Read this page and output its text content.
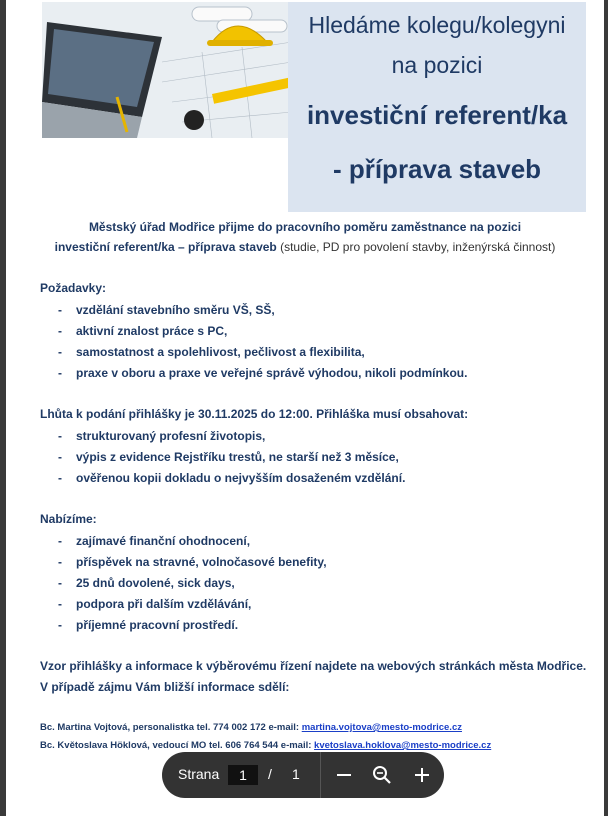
Hledáme kolegu/kolegyni
na pozici
investiční referent/ka
- příprava staveb
Městský úřad Modřice přijme do pracovního poměru zaměstnance na pozici
investiční referent/ka – příprava staveb (studie, PD pro povolení stavby, inženýrská činnost)
Požadavky:
- vzdělání stavebního směru VŠ, SŠ,
- aktivní znalost práce s PC,
- samostatnost a spolehlivost, pečlivost a flexibilita,
- praxe v oboru a praxe ve veřejné správě výhodou, nikoli podmínkou.
Lhůta k podání přihlášky je 30.11.2025 do 12:00. Přihláška musí obsahovat:
- strukturovaný profesní životopis,
- výpis z evidence Rejstříku trestů, ne starší než 3 měsíce,
- ověřenou kopii dokladu o nejvyšším dosaženém vzdělání.
Nabízíme:
- zajímavé finanční ohodnocení,
- příspěvek na stravné, volnočasové benefity,
- 25 dnů dovolené, sick days,
- podpora při dalším vzdělávání,
- příjemné pracovní prostředí.
Vzor přihlášky a informace k výběrovému řízení najdete na webových stránkách města Modřice.
V případě zájmu Vám bližší informace sdělí:
Bc. Martina Vojtová, personalistka tel. 774 002 172 e-mail: martina.vojtova@mesto-modrice.cz
Bc. Květoslava Höklová, vedoucí MO tel. 606 764 544 e-mail: kvetoslava.hoklova@mesto-modrice.cz
Strana	1	/ 1
